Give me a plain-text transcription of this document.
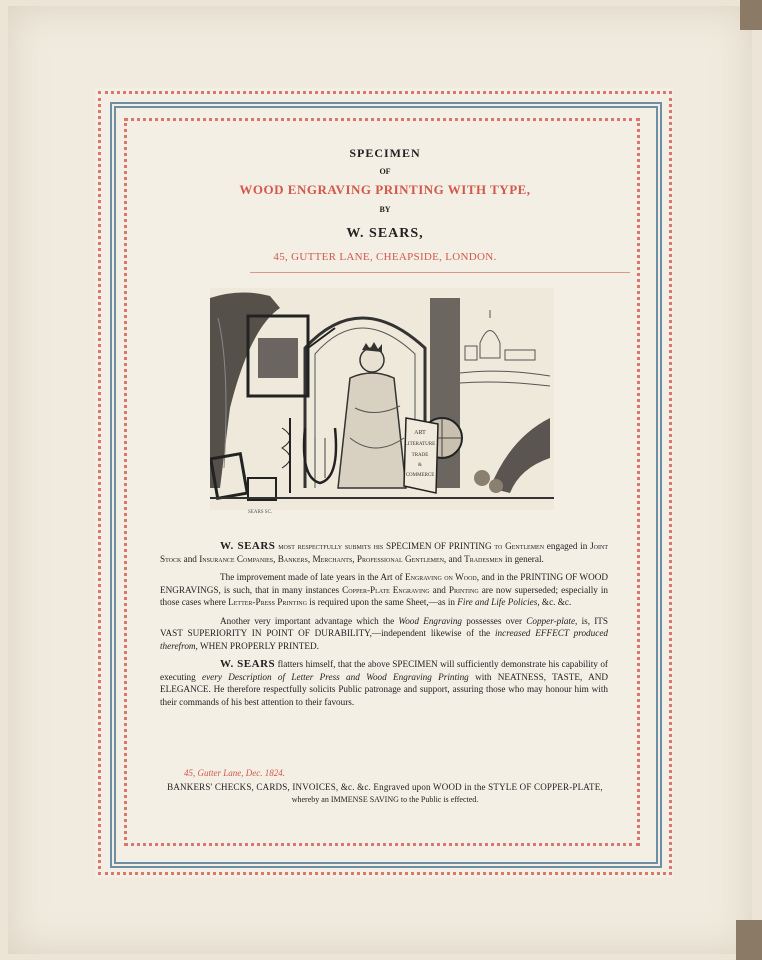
SPECIMEN
OF
WOOD ENGRAVING PRINTING WITH TYPE,
BY
W. SEARS,
45, GUTTER LANE, CHEAPSIDE, LONDON.
ART
LITERATURE
TRADE
&
COMMERCE
SEARS SC.

W. SEARS most respectfully submits his SPECIMEN OF PRINTING to Gentlemen engaged in Joint Stock and Insurance Companies, Bankers, Merchants, Professional Gentlemen, and Tradesmen in general.

The improvement made of late years in the Art of Engraving on Wood, and in the PRINTING OF WOOD ENGRAVINGS, is such, that in many instances Copper-Plate Engraving and Printing are now superseded; especially in those cases where Letter-Press Printing is required upon the same Sheet,—as in Fire and Life Policies, &c. &c.

Another very important advantage which the Wood Engraving possesses over Copper-plate, is, ITS VAST SUPERIORITY IN POINT OF DURABILITY,—independent likewise of the increased EFFECT produced therefrom, WHEN PROPERLY PRINTED.

W. SEARS flatters himself, that the above SPECIMEN will sufficiently demonstrate his capability of executing every Description of Letter Press and Wood Engraving Printing with NEATNESS, TASTE, AND ELEGANCE. He therefore respectfully solicits Public patronage and support, assuring those who may honour him with their commands of his best attention to their favours.

45, Gutter Lane, Dec. 1824.
BANKERS' CHECKS, CARDS, INVOICES, &c. &c. Engraved upon WOOD in the STYLE OF COPPER-PLATE,
whereby an IMMENSE SAVING to the Public is effected.
